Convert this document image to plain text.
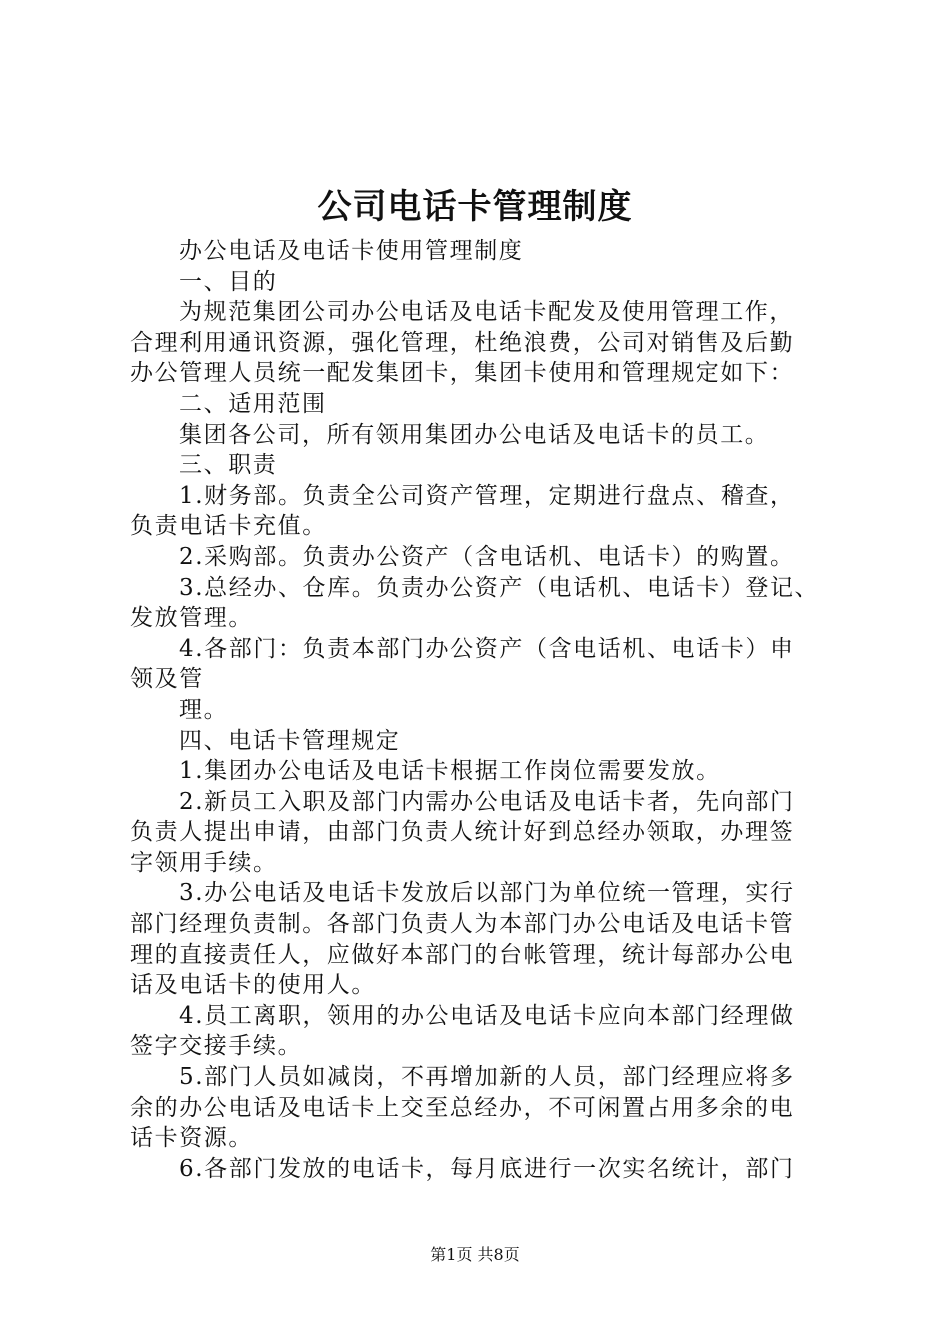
公司电话卡管理制度
办公电话及电话卡使用管理制度
一、目的
为规范集团公司办公电话及电话卡配发及使用管理工作，
合理利用通讯资源，强化管理，杜绝浪费，公司对销售及后勤
办公管理人员统一配发集团卡，集团卡使用和管理规定如下：
二、适用范围
集团各公司，所有领用集团办公电话及电话卡的员工。
三、职责
1.财务部。负责全公司资产管理，定期进行盘点、稽查，
负责电话卡充值。
2.采购部。负责办公资产（含电话机、电话卡）的购置。
3.总经办、仓库。负责办公资产（电话机、电话卡）登记、
发放管理。
4.各部门：负责本部门办公资产（含电话机、电话卡）申
领及管
理。
四、电话卡管理规定
1.集团办公电话及电话卡根据工作岗位需要发放。
2.新员工入职及部门内需办公电话及电话卡者，先向部门
负责人提出申请，由部门负责人统计好到总经办领取，办理签
字领用手续。
3.办公电话及电话卡发放后以部门为单位统一管理，实行
部门经理负责制。各部门负责人为本部门办公电话及电话卡管
理的直接责任人，应做好本部门的台帐管理，统计每部办公电
话及电话卡的使用人。
4.员工离职，领用的办公电话及电话卡应向本部门经理做
签字交接手续。
5.部门人员如减岗，不再增加新的人员，部门经理应将多
余的办公电话及电话卡上交至总经办，不可闲置占用多余的电
话卡资源。
6.各部门发放的电话卡，每月底进行一次实名统计，部门
第1页 共8页
